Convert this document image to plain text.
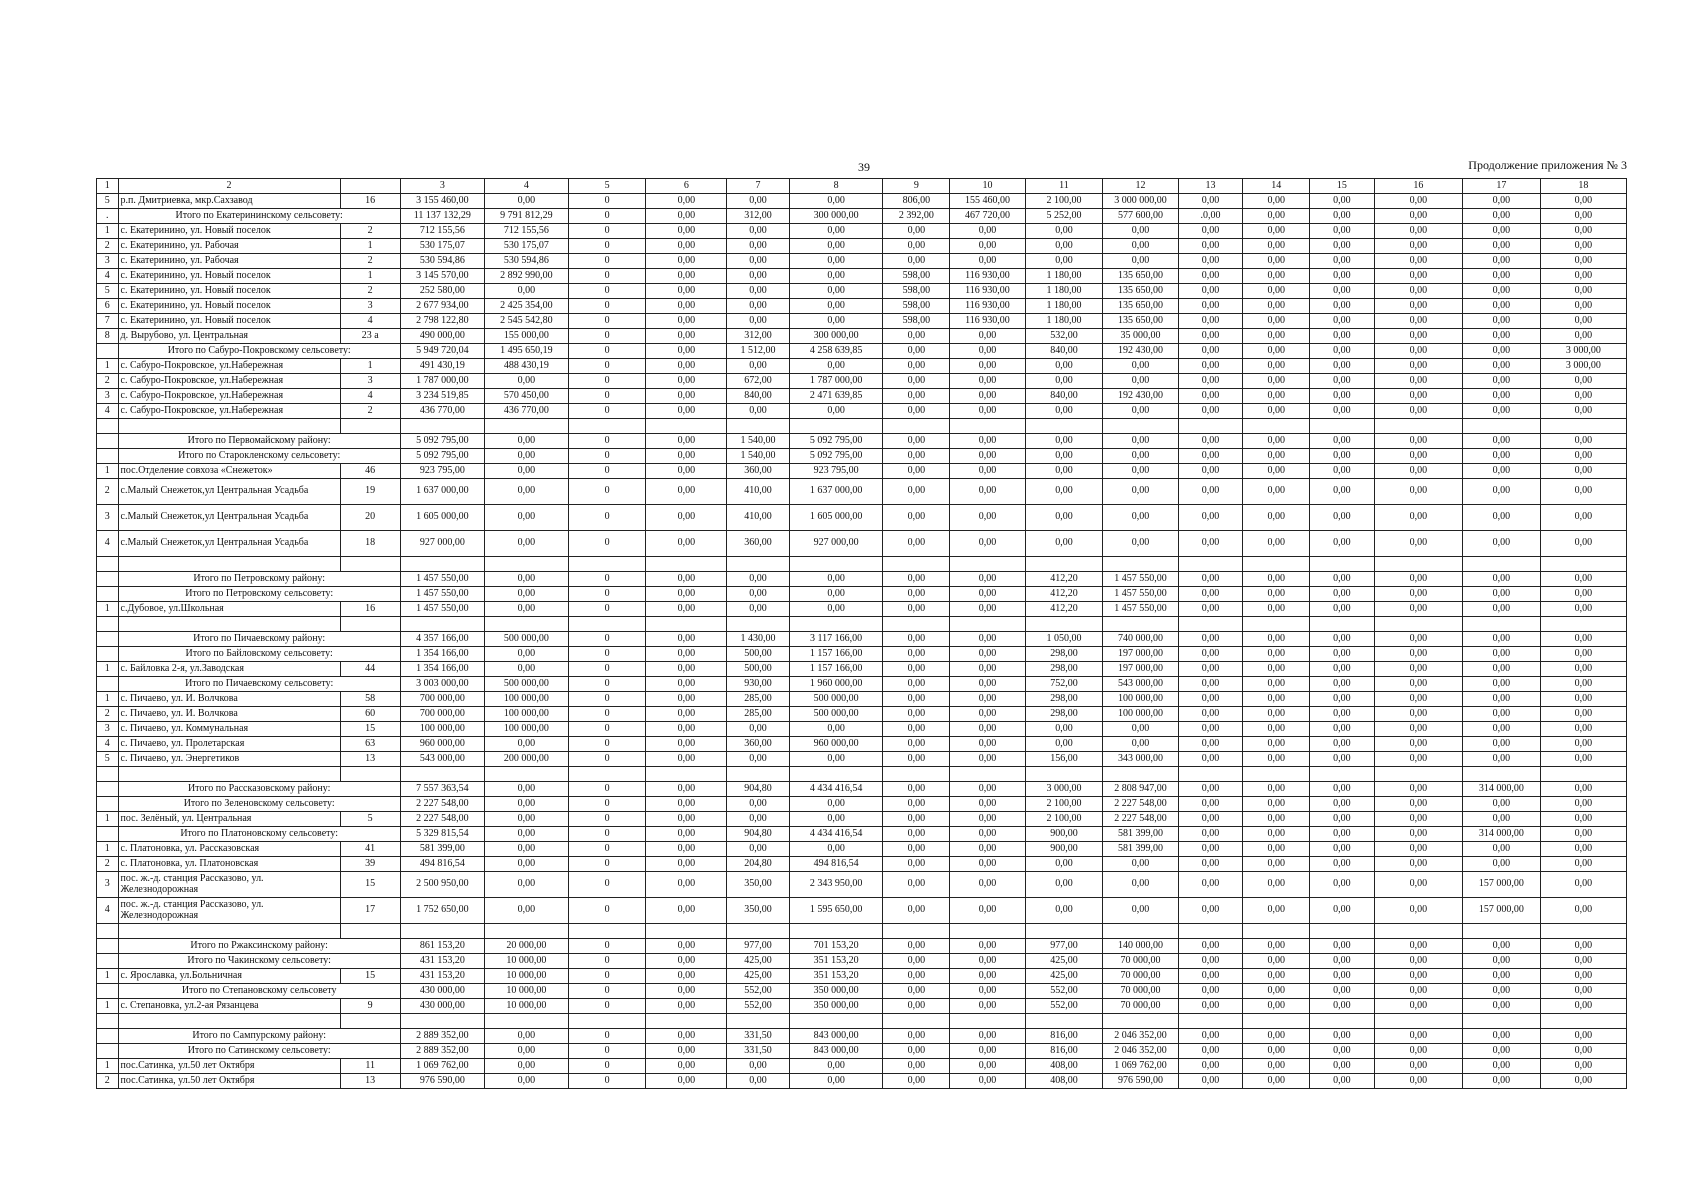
39	Продолжение приложения № 3
1	2		3	4	5	6	7	8	9	10	11	12	13	14	15	16	17	18
5	р.п. Дмитриевка, мкр.Сахзавод	16	3 155 460,00	0,00	0	0,00	0,00	0,00	806,00	155 460,00	2 100,00	3 000 000,00	0,00	0,00	0,00	0,00	0,00	0,00
.	Итого по Екатерининскому сельсовету:		11 137 132,29	9 791 812,29	0	0,00	312,00	300 000,00	2 392,00	467 720,00	5 252,00	577 600,00	.0,00	0,00	0,00	0,00	0,00	0,00
1	с. Екатеринино, ул. Новый поселок	2	712 155,56	712 155,56	0	0,00	0,00	0,00	0,00	0,00	0,00	0,00	0,00	0,00	0,00	0,00	0,00	0,00
2	с. Екатеринино, ул. Рабочая	1	530 175,07	530 175,07	0	0,00	0,00	0,00	0,00	0,00	0,00	0,00	0,00	0,00	0,00	0,00	0,00	0,00
3	с. Екатеринино, ул. Рабочая	2	530 594,86	530 594,86	0	0,00	0,00	0,00	0,00	0,00	0,00	0,00	0,00	0,00	0,00	0,00	0,00	0,00
4	с. Екатеринино, ул. Новый поселок	1	3 145 570,00	2 892 990,00	0	0,00	0,00	0,00	598,00	116 930,00	1 180,00	135 650,00	0,00	0,00	0,00	0,00	0,00	0,00
5	с. Екатеринино, ул. Новый поселок	2	252 580,00	0,00	0	0,00	0,00	0,00	598,00	116 930,00	1 180,00	135 650,00	0,00	0,00	0,00	0,00	0,00	0,00
6	с. Екатеринино, ул. Новый поселок	3	2 677 934,00	2 425 354,00	0	0,00	0,00	0,00	598,00	116 930,00	1 180,00	135 650,00	0,00	0,00	0,00	0,00	0,00	0,00
7	с. Екатеринино, ул. Новый поселок	4	2 798 122,80	2 545 542,80	0	0,00	0,00	0,00	598,00	116 930,00	1 180,00	135 650,00	0,00	0,00	0,00	0,00	0,00	0,00
8	д. Вырубово, ул. Центральная	23 а	490 000,00	155 000,00	0	0,00	312,00	300 000,00	0,00	0,00	532,00	35 000,00	0,00	0,00	0,00	0,00	0,00	0,00
	Итого по Сабуро-Покровскому сельсовету:		5 949 720,04	1 495 650,19	0	0,00	1 512,00	4 258 639,85	0,00	0,00	840,00	192 430,00	0,00	0,00	0,00	0,00	0,00	3 000,00
1	с. Сабуро-Покровское, ул.Набережная	1	491 430,19	488 430,19	0	0,00	0,00	0,00	0,00	0,00	0,00	0,00	0,00	0,00	0,00	0,00	0,00	3 000,00
2	с. Сабуро-Покровское, ул.Набережная	3	1 787 000,00	0,00	0	0,00	672,00	1 787 000,00	0,00	0,00	0,00	0,00	0,00	0,00	0,00	0,00	0,00	0,00
3	с. Сабуро-Покровское, ул.Набережная	4	3 234 519,85	570 450,00	0	0,00	840,00	2 471 639,85	0,00	0,00	840,00	192 430,00	0,00	0,00	0,00	0,00	0,00	0,00
4	с. Сабуро-Покровское, ул.Набережная	2	436 770,00	436 770,00	0	0,00	0,00	0,00	0,00	0,00	0,00	0,00	0,00	0,00	0,00	0,00	0,00	0,00

	Итого по Первомайскому району:		5 092 795,00	0,00	0	0,00	1 540,00	5 092 795,00	0,00	0,00	0,00	0,00	0,00	0,00	0,00	0,00	0,00	0,00
	Итого по Старокленскому сельсовету:		5 092 795,00	0,00	0	0,00	1 540,00	5 092 795,00	0,00	0,00	0,00	0,00	0,00	0,00	0,00	0,00	0,00	0,00
1	пос.Отделение совхоза «Снежеток»	46	923 795,00	0,00	0	0,00	360,00	923 795,00	0,00	0,00	0,00	0,00	0,00	0,00	0,00	0,00	0,00	0,00
2	с.Малый Снежеток,ул Центральная Усадьба	19	1 637 000,00	0,00	0	0,00	410,00	1 637 000,00	0,00	0,00	0,00	0,00	0,00	0,00	0,00	0,00	0,00	0,00
3	с.Малый Снежеток,ул Центральная Усадьба	20	1 605 000,00	0,00	0	0,00	410,00	1 605 000,00	0,00	0,00	0,00	0,00	0,00	0,00	0,00	0,00	0,00	0,00
4	с.Малый Снежеток,ул Центральная Усадьба	18	927 000,00	0,00	0	0,00	360,00	927 000,00	0,00	0,00	0,00	0,00	0,00	0,00	0,00	0,00	0,00	0,00

	Итого по Петровскому району:		1 457 550,00	0,00	0	0,00	0,00	0,00	0,00	0,00	412,20	1 457 550,00	0,00	0,00	0,00	0,00	0,00	0,00
	Итого по Петровскому сельсовету:		1 457 550,00	0,00	0	0,00	0,00	0,00	0,00	0,00	412,20	1 457 550,00	0,00	0,00	0,00	0,00	0,00	0,00
1	с.Дубовое, ул.Школьная	16	1 457 550,00	0,00	0	0,00	0,00	0,00	0,00	0,00	412,20	1 457 550,00	0,00	0,00	0,00	0,00	0,00	0,00

	Итого по Пичаевскому району:		4 357 166,00	500 000,00	0	0,00	1 430,00	3 117 166,00	0,00	0,00	1 050,00	740 000,00	0,00	0,00	0,00	0,00	0,00	0,00
	Итого по Байловскому сельсовету:		1 354 166,00	0,00	0	0,00	500,00	1 157 166,00	0,00	0,00	298,00	197 000,00	0,00	0,00	0,00	0,00	0,00	0,00
1	с. Байловка 2-я, ул.Заводская	44	1 354 166,00	0,00	0	0,00	500,00	1 157 166,00	0,00	0,00	298,00	197 000,00	0,00	0,00	0,00	0,00	0,00	0,00
	Итого по Пичаевскому сельсовету:		3 003 000,00	500 000,00	0	0,00	930,00	1 960 000,00	0,00	0,00	752,00	543 000,00	0,00	0,00	0,00	0,00	0,00	0,00
1	с. Пичаево, ул. И. Волчкова	58	700 000,00	100 000,00	0	0,00	285,00	500 000,00	0,00	0,00	298,00	100 000,00	0,00	0,00	0,00	0,00	0,00	0,00
2	с. Пичаево, ул. И. Волчкова	60	700 000,00	100 000,00	0	0,00	285,00	500 000,00	0,00	0,00	298,00	100 000,00	0,00	0,00	0,00	0,00	0,00	0,00
3	с. Пичаево, ул. Коммунальная	15	100 000,00	100 000,00	0	0,00	0,00	0,00	0,00	0,00	0,00	0,00	0,00	0,00	0,00	0,00	0,00	0,00
4	с. Пичаево, ул. Пролетарская	63	960 000,00	0,00	0	0,00	360,00	960 000,00	0,00	0,00	0,00	0,00	0,00	0,00	0,00	0,00	0,00	0,00
5	с. Пичаево, ул. Энергетиков	13	543 000,00	200 000,00	0	0,00	0,00	0,00	0,00	0,00	156,00	343 000,00	0,00	0,00	0,00	0,00	0,00	0,00

	Итого по Рассказовскому району:		7 557 363,54	0,00	0	0,00	904,80	4 434 416,54	0,00	0,00	3 000,00	2 808 947,00	0,00	0,00	0,00	0,00	314 000,00	0,00
	Итого по Зеленовскому сельсовету:		2 227 548,00	0,00	0	0,00	0,00	0,00	0,00	0,00	2 100,00	2 227 548,00	0,00	0,00	0,00	0,00	0,00	0,00
1	пос. Зелёный, ул. Центральная	5	2 227 548,00	0,00	0	0,00	0,00	0,00	0,00	0,00	2 100,00	2 227 548,00	0,00	0,00	0,00	0,00	0,00	0,00
	Итого по Платоновскому сельсовету:		5 329 815,54	0,00	0	0,00	904,80	4 434 416,54	0,00	0,00	900,00	581 399,00	0,00	0,00	0,00	0,00	314 000,00	0,00
1	с. Платоновка, ул. Рассказовская	41	581 399,00	0,00	0	0,00	0,00	0,00	0,00	0,00	900,00	581 399,00	0,00	0,00	0,00	0,00	0,00	0,00
2	с. Платоновка, ул. Платоновская	39	494 816,54	0,00	0	0,00	204,80	494 816,54	0,00	0,00	0,00	0,00	0,00	0,00	0,00	0,00	0,00	0,00
3	пос. ж.-д. станция Рассказово, ул. Железнодорожная	15	2 500 950,00	0,00	0	0,00	350,00	2 343 950,00	0,00	0,00	0,00	0,00	0,00	0,00	0,00	0,00	157 000,00	0,00
4	пос. ж.-д. станция Рассказово, ул. Железнодорожная	17	1 752 650,00	0,00	0	0,00	350,00	1 595 650,00	0,00	0,00	0,00	0,00	0,00	0,00	0,00	0,00	157 000,00	0,00

	Итого по Ржаксинскому району:		861 153,20	20 000,00	0	0,00	977,00	701 153,20	0,00	0,00	977,00	140 000,00	0,00	0,00	0,00	0,00	0,00	0,00
	Итого по Чакинскому сельсовету:		431 153,20	10 000,00	0	0,00	425,00	351 153,20	0,00	0,00	425,00	70 000,00	0,00	0,00	0,00	0,00	0,00	0,00
1	с. Ярославка, ул.Больничная	15	431 153,20	10 000,00	0	0,00	425,00	351 153,20	0,00	0,00	425,00	70 000,00	0,00	0,00	0,00	0,00	0,00	0,00
	Итого по Степановскому сельсовету		430 000,00	10 000,00	0	0,00	552,00	350 000,00	0,00	0,00	552,00	70 000,00	0,00	0,00	0,00	0,00	0,00	0,00
1	с. Степановка, ул.2-ая Рязанцева	9	430 000,00	10 000,00	0	0,00	552,00	350 000,00	0,00	0,00	552,00	70 000,00	0,00	0,00	0,00	0,00	0,00	0,00

	Итого по Сампурскому району:		2 889 352,00	0,00	0	0,00	331,50	843 000,00	0,00	0,00	816,00	2 046 352,00	0,00	0,00	0,00	0,00	0,00	0,00
	Итого по Сатинскому сельсовету:		2 889 352,00	0,00	0	0,00	331,50	843 000,00	0,00	0,00	816,00	2 046 352,00	0,00	0,00	0,00	0,00	0,00	0,00
1	пос.Сатинка, ул.50 лет Октября	11	1 069 762,00	0,00	0	0,00	0,00	0,00	0,00	0,00	408,00	1 069 762,00	0,00	0,00	0,00	0,00	0,00	0,00
2	пос.Сатинка, ул.50 лет Октября	13	976 590,00	0,00	0	0,00	0,00	0,00	0,00	0,00	408,00	976 590,00	0,00	0,00	0,00	0,00	0,00	0,00
